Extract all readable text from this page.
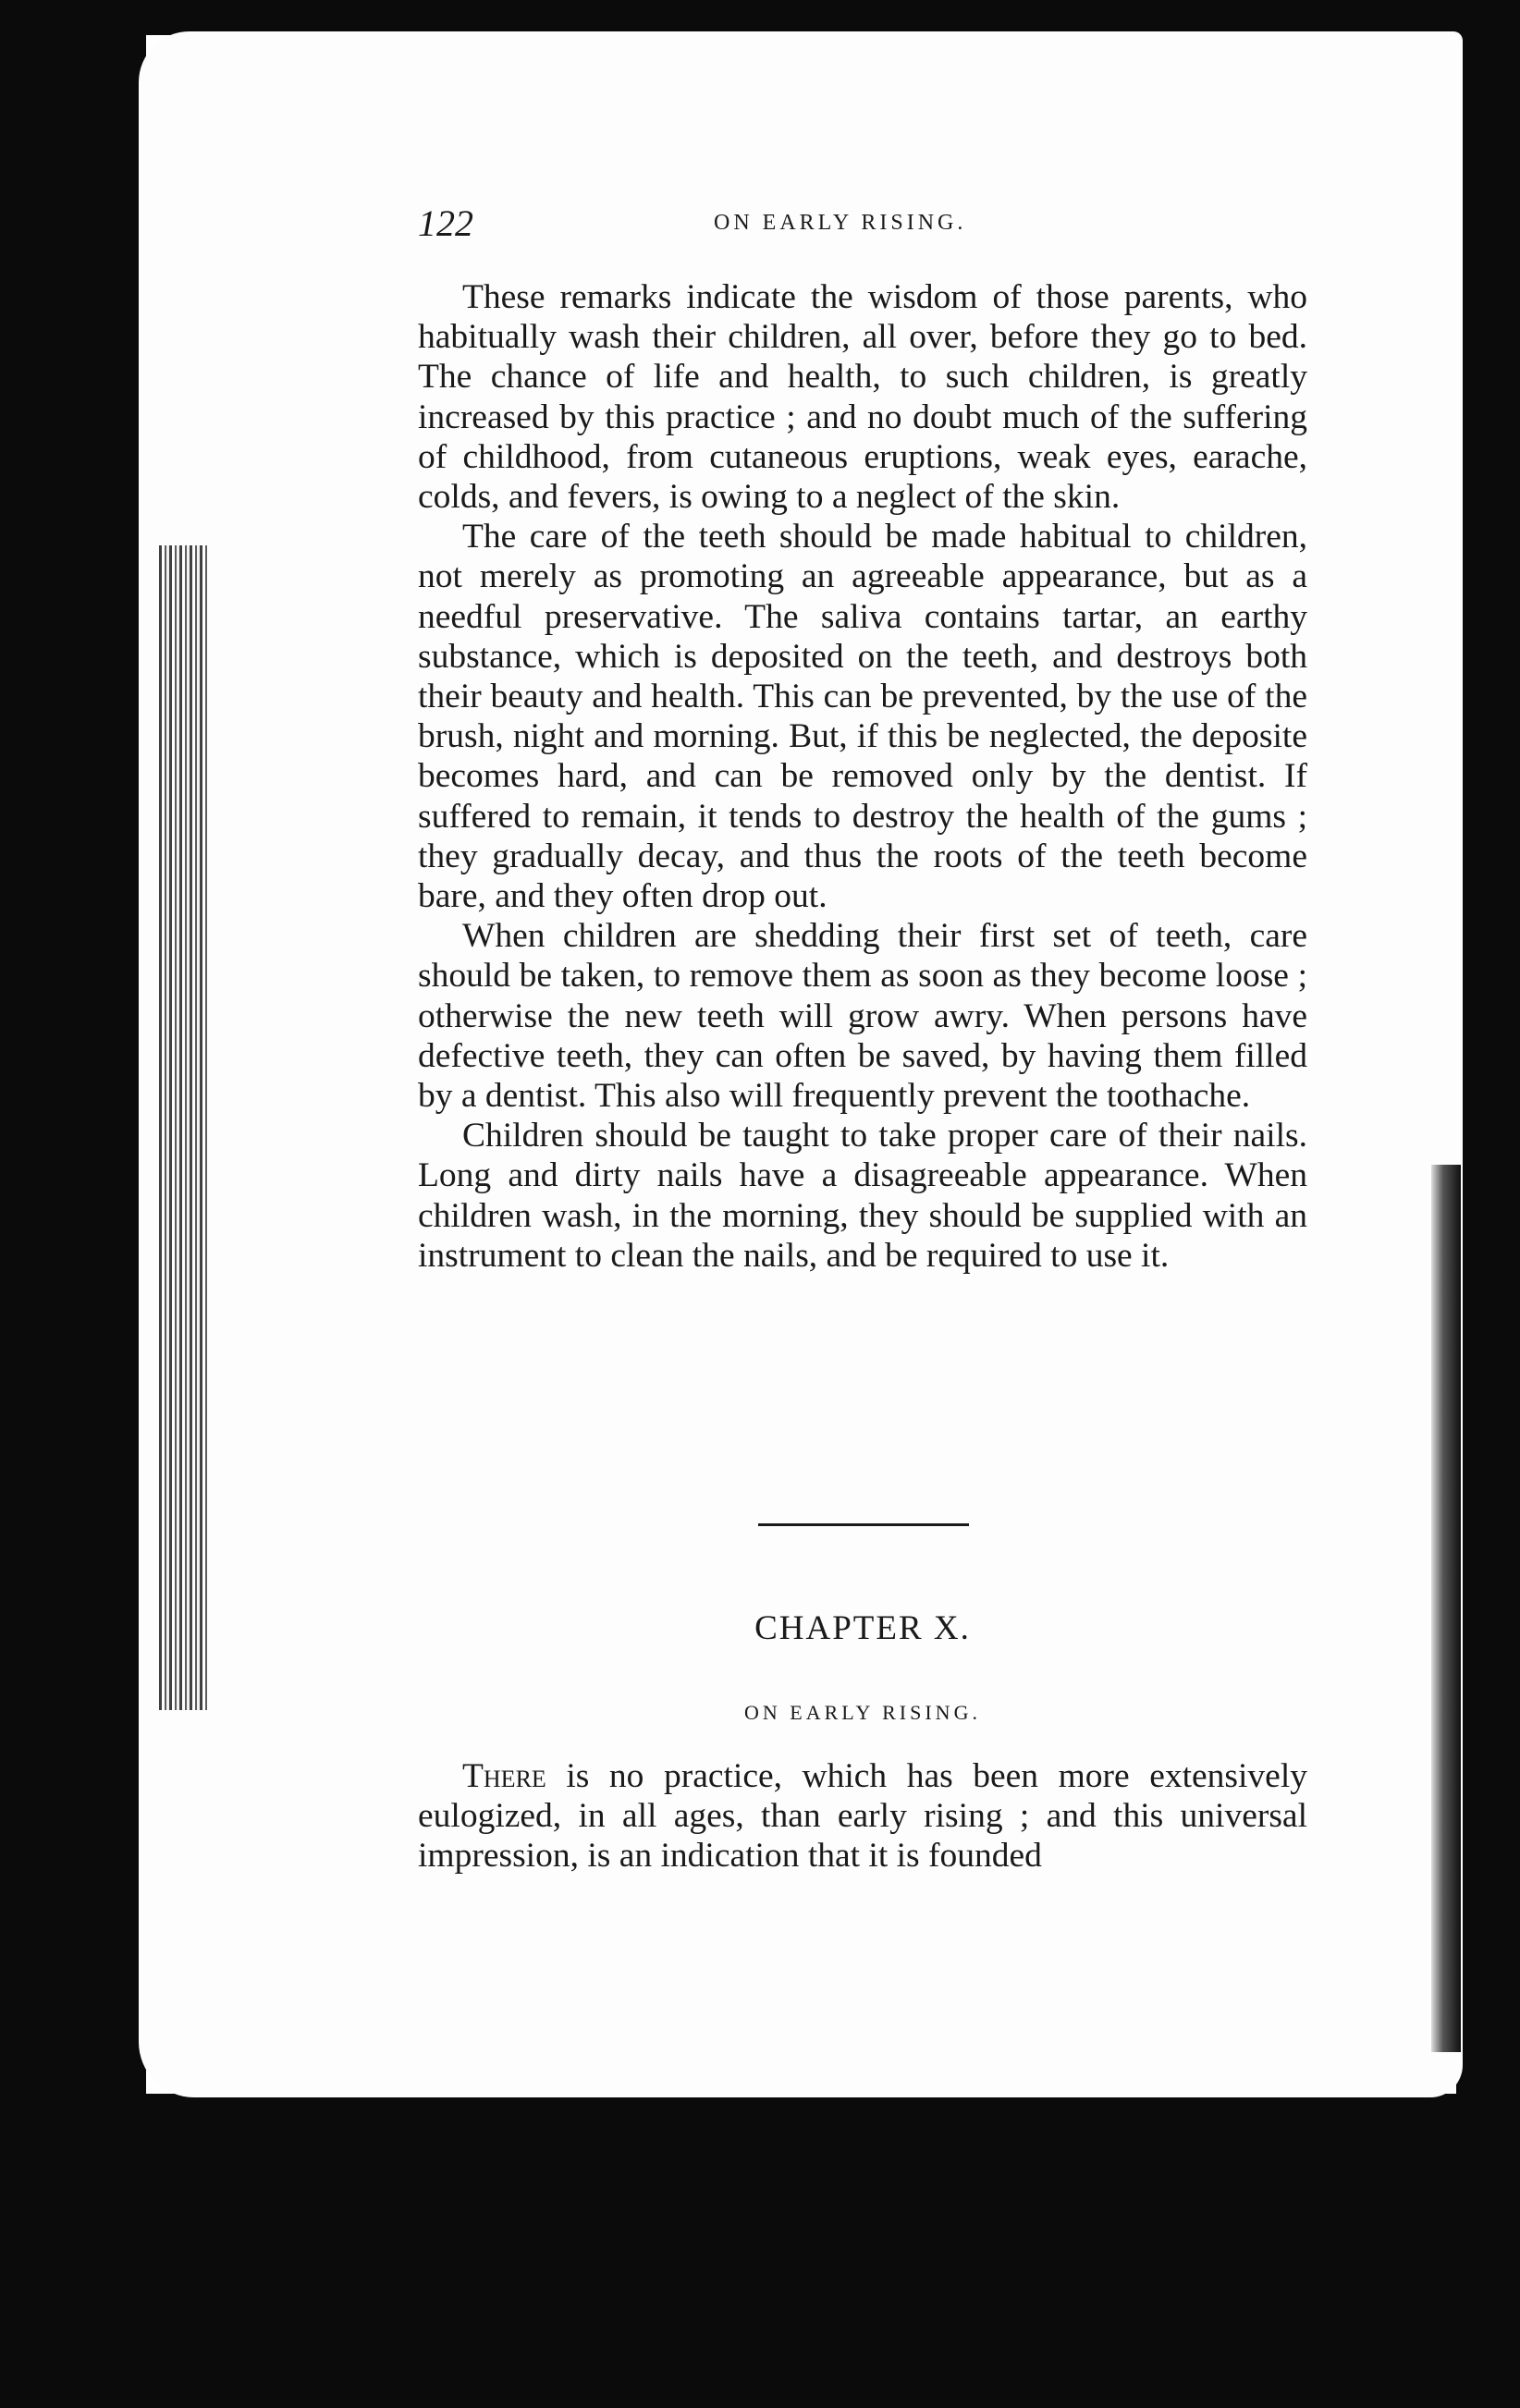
122	ON EARLY RISING.

These remarks indicate the wisdom of those parents, who habitually wash their children, all over, before they go to bed. The chance of life and health, to such children, is greatly increased by this practice ; and no doubt much of the suffering of childhood, from cutaneous eruptions, weak eyes, earache, colds, and fevers, is owing to a neglect of the skin.

The care of the teeth should be made habitual to children, not merely as promoting an agreeable appearance, but as a needful preservative. The saliva contains tartar, an earthy substance, which is deposited on the teeth, and destroys both their beauty and health. This can be prevented, by the use of the brush, night and morning. But, if this be neglected, the deposite becomes hard, and can be removed only by the dentist. If suffered to remain, it tends to destroy the health of the gums ; they gradually decay, and thus the roots of the teeth become bare, and they often drop out.

When children are shedding their first set of teeth, care should be taken, to remove them as soon as they become loose ; otherwise the new teeth will grow awry. When persons have defective teeth, they can often be saved, by having them filled by a dentist. This also will frequently prevent the toothache.

Children should be taught to take proper care of their nails. Long and dirty nails have a disagreeable appearance. When children wash, in the morning, they should be supplied with an instrument to clean the nails, and be required to use it.

CHAPTER X.
ON EARLY RISING.

There is no practice, which has been more extensively eulogized, in all ages, than early rising ; and this universal impression, is an indication that it is founded
